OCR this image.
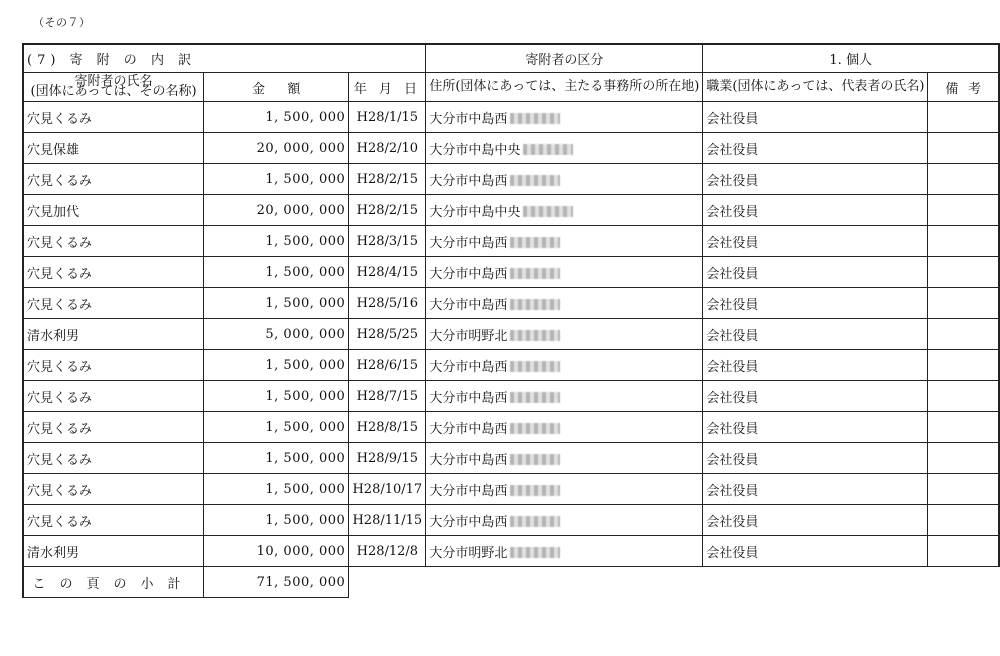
（その７）
(7) 寄 附 の 内 訳			寄附者の区分	1. 個人	
寄附者の氏名
(団体にあっては、その名称)	金 額	年 月 日	住所(団体にあっては、主たる事務所の所在地)	職業(団体にあっては、代表者の氏名)	備 考

穴見くるみ	1, 500, 000	H28/1/15	大分市中島西	会社役員	
穴見保雄	20, 000, 000	H28/2/10	大分市中島中央	会社役員	
穴見くるみ	1, 500, 000	H28/2/15	大分市中島西	会社役員	
穴見加代	20, 000, 000	H28/2/15	大分市中島中央	会社役員	
穴見くるみ	1, 500, 000	H28/3/15	大分市中島西	会社役員	
穴見くるみ	1, 500, 000	H28/4/15	大分市中島西	会社役員	
穴見くるみ	1, 500, 000	H28/5/16	大分市中島西	会社役員	
清水利男	5, 000, 000	H28/5/25	大分市明野北	会社役員	
穴見くるみ	1, 500, 000	H28/6/15	大分市中島西	会社役員	
穴見くるみ	1, 500, 000	H28/7/15	大分市中島西	会社役員	
穴見くるみ	1, 500, 000	H28/8/15	大分市中島西	会社役員	
穴見くるみ	1, 500, 000	H28/9/15	大分市中島西	会社役員	
穴見くるみ	1, 500, 000	H28/10/17	大分市中島西	会社役員	
穴見くるみ	1, 500, 000	H28/11/15	大分市中島西	会社役員	
清水利男	10, 000, 000	H28/12/8	大分市明野北	会社役員	
この頁の小計	71, 500, 000				
